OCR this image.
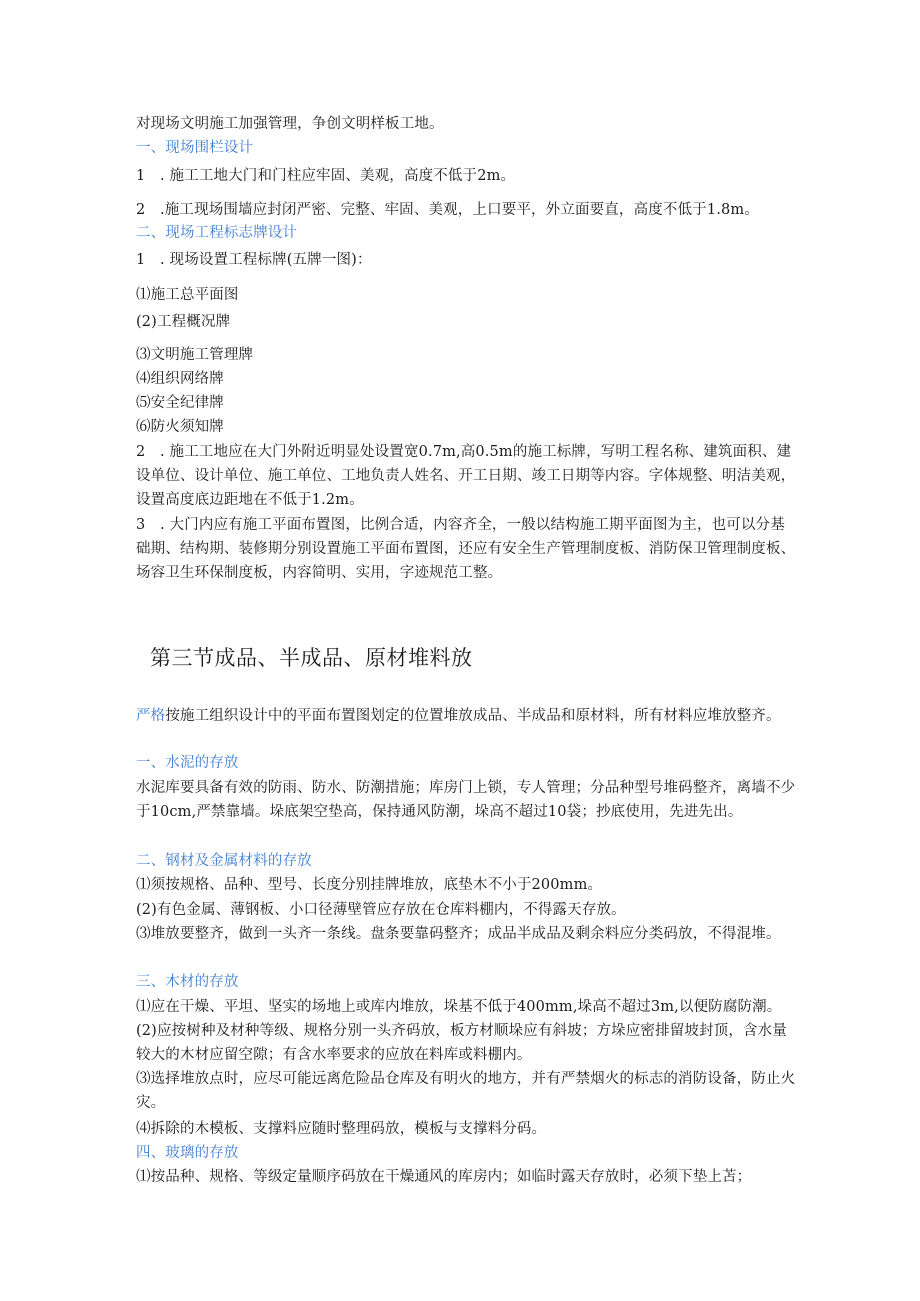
对现场文明施工加强管理，争创文明样板工地。
一、现场围栏设计
1　. 施工工地大门和门柱应牢固、美观，高度不低于2m。
2　.施工现场围墙应封闭严密、完整、牢固、美观，上口要平，外立面要直，高度不低于1.8m。
二、现场工程标志牌设计
1　. 现场设置工程标牌(五牌一图)：
⑴施工总平面图
(2)工程概况牌
⑶文明施工管理牌
⑷组织网络牌
⑸安全纪律牌
⑹防火须知牌
2　. 施工工地应在大门外附近明显处设置宽0.7m,高0.5m的施工标牌，写明工程名称、建筑面积、建设单位、设计单位、施工单位、工地负责人姓名、开工日期、竣工日期等内容。字体规整、明洁美观，设置高度底边距地在不低于1.2m。
3　. 大门内应有施工平面布置图，比例合适，内容齐全，一般以结构施工期平面图为主，也可以分基础期、结构期、装修期分别设置施工平面布置图，还应有安全生产管理制度板、消防保卫管理制度板、场容卫生环保制度板，内容简明、实用，字迹规范工整。
第三节成品、半成品、原材堆料放
严格按施工组织设计中的平面布置图划定的位置堆放成品、半成品和原材料，所有材料应堆放整齐。
一、水泥的存放
水泥库要具备有效的防雨、防水、防潮措施；库房门上锁，专人管理；分品种型号堆码整齐，离墙不少于10cm,严禁靠墙。垛底架空垫高，保持通风防潮，垛高不超过10袋；抄底使用，先进先出。
二、钢材及金属材料的存放
⑴须按规格、品种、型号、长度分别挂牌堆放，底垫木不小于200mm。
(2)有色金属、薄钢板、小口径薄壁管应存放在仓库料棚内，不得露天存放。
⑶堆放要整齐，做到一头齐一条线。盘条要靠码整齐；成品半成品及剩余料应分类码放，不得混堆。
三、木材的存放
⑴应在干燥、平坦、坚实的场地上或库内堆放，垛基不低于400mm,垛高不超过3m,以便防腐防潮。
(2)应按树种及材种等级、规格分别一头齐码放，板方材顺垛应有斜坡；方垛应密排留坡封顶，含水量较大的木材应留空隙；有含水率要求的应放在料库或料棚内。
⑶选择堆放点时，应尽可能远离危险品仓库及有明火的地方，并有严禁烟火的标志的消防设备，防止火灾。
⑷拆除的木模板、支撑料应随时整理码放，模板与支撑料分码。
四、玻璃的存放
⑴按品种、规格、等级定量顺序码放在干燥通风的库房内；如临时露天存放时，必须下垫上苫；
